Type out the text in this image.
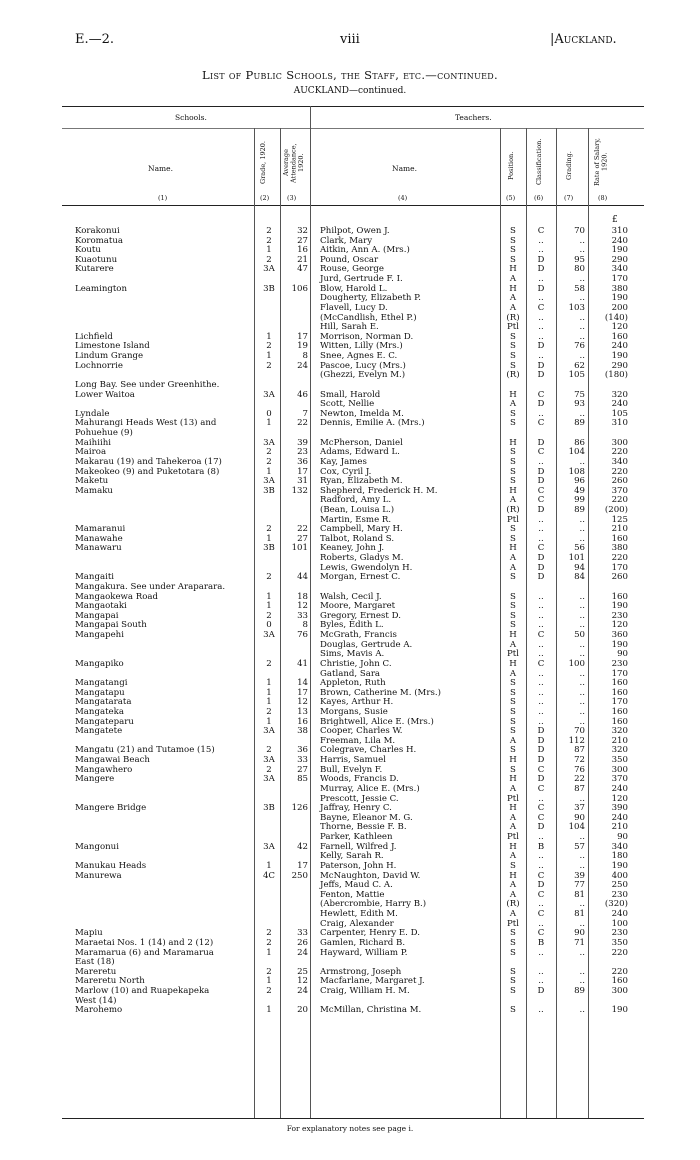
E.—2.	viii	|Auckland.
List of Public Schools, the Staff, etc.—continued.
AUCKLAND—continued.
Schools.	Teachers.
Name.	Grade, 1920. Average Attendance, 1920.	Name.	Position.	Classification.	Grading.	Rate of Salary, 1920.
(1)	(2)	(3)	(4)	(5)	(6)	(7)	(8)
£
Korakonui	2	32 Philpot, Owen J.	S	C	70	310
Koromatua	2	27 Clark, Mary	S	..	..	240
Koutu	1	16 Aitkin, Ann A. (Mrs.)	S	..	..	190
Kuaotunu	2	21 Pound, Oscar	S	D	95	290
Kutarere	3A	47 Rouse, George	H	D	80	340
Jurd, Gertrude F. I.	A	..	..	170
Leamington	3B	106 Blow, Harold L.	H	D	58	380
Dougherty, Elizabeth P.	A	..	..	190
Flavell, Lucy D.	A	C	103	200
(McCandlish, Ethel P.)	(R)	..	..	(140)
Hill, Sarah E.	Ptl	..	..	120
Lichfield	1	17 Morrison, Norman D.	S	..	..	160
Limestone Island	2	19 Witten, Lilly (Mrs.)	S	D	76	240
Lindum Grange	1	8 Snee, Agnes E. C.	S	..	..	190
Lochnorrie	2	24 Pascoe, Lucy (Mrs.)	S	D	62	290
(Ghezzi, Evelyn M.)	(R)	D	105	(180)
Long Bay. See under Greenhithe.
Lower Waitoa	3A	46 Small, Harold	H	C	75	320
Scott, Nellie	A	D	93	240
Lyndale	0	7 Newton, Imelda M.	S	..	..	105
Mahurangi Heads West (13) and	1	22 Dennis, Emilie A. (Mrs.)	S	C	89	310
Pohuehue (9)
Maihiihi	3A	39 McPherson, Daniel	H	D	86	300
Mairoa	2	23 Adams, Edward L.	S	C	104	220
Makarau (19) and Tahekeroa (17)	2	36 Kay, James	S	..	..	340
Makeokeo (9) and Puketotara (8)	1	17 Cox, Cyril J.	S	D	108	220
Maketu	3A	31 Ryan, Elizabeth M.	S	D	96	260
Mamaku	3B	132 Shepherd, Frederick H. M.	H	C	49	370
Radford, Amy L.	A	C	99	220
(Bean, Louisa L.)	(R)	D	89	(200)
Martin, Esme R.	Ptl	..	..	125
Mamaranui	2	22 Campbell, Mary H.	S	..	..	210
Manawahe	1	27 Talbot, Roland S.	S	..	..	160
Manawaru	3B	101 Keaney, John J.	H	C	56	380
Roberts, Gladys M.	A	D	101	220
Lewis, Gwendolyn H.	A	D	94	170
Mangaiti	2	44 Morgan, Ernest C.	S	D	84	260
Mangakura. See under Araparara.
Mangaokewa Road	1	18 Walsh, Cecil J.	S	..	..	160
Mangaotaki	1	12 Moore, Margaret	S	..	..	190
Mangapai	2	33 Gregory, Ernest D.	S	..	..	230
Mangapai South	0	8 Byles, Edith L.	S	..	..	120
Mangapehi	3A	76 McGrath, Francis	H	C	50	360
Douglas, Gertrude A.	A	..	..	190
Sims, Mavis A.	Ptl	..	..	90
Mangapiko	2	41 Christie, John C.	H	C	100	230
Gatland, Sara	A	..	..	170
Mangatangi	1	14 Appleton, Ruth	S	..	..	160
Mangatapu	1	17 Brown, Catherine M. (Mrs.)	S	..	..	160
Mangatarata	1	12 Kayes, Arthur H.	S	..	..	170
Mangateka	2	13 Morgans, Susie	S	..	..	160
Mangateparu	1	16 Brightwell, Alice E. (Mrs.)	S	..	..	160
Mangatete	3A	38 Cooper, Charles W.	S	D	70	320
Freeman, Lila M.	A	D	112	210
Mangatu (21) and Tutamoe (15)	2	36 Colegrave, Charles H.	S	D	87	320
Mangawai Beach	3A	33 Harris, Samuel	H	D	72	350
Mangawhero	2	27 Bull, Evelyn F.	S	C	76	300
Mangere	3A	85 Woods, Francis D.	H	D	22	370
Murray, Alice E. (Mrs.)	A	C	87	240
Prescott, Jessie C.	Ptl	..	..	120
Mangere Bridge	3B	126 Jaffray, Henry C.	H	C	37	390
Bayne, Eleanor M. G.	A	C	90	240
Thorne, Bessie F. B.	A	D	104	210
Parker, Kathleen	Ptl	..	..	90
Mangonui	3A	42 Farnell, Wilfred J.	H	B	57	340
Kelly, Sarah R.	A	..	..	180
Manukau Heads	1	17 Paterson, John H.	S	..	..	190
Manurewa	4C	250 McNaughton, David W.	H	C	39	400
Jeffs, Maud C. A.	A	D	77	250
Fenton, Mattie	A	C	81	230
(Abercrombie, Harry B.)	(R)	..	..	(320)
Hewlett, Edith M.	A	C	81	240
Craig, Alexander	Ptl	..	..	100
Mapiu	2	33 Carpenter, Henry E. D.	S	C	90	230
Maraetai Nos. 1 (14) and 2 (12)	2	26 Gamlen, Richard B.	S	B	71	350
Maramarua (6) and Maramarua	1	24 Hayward, William P.	S	..	..	220
East (18)
Mareretu	2	25 Armstrong, Joseph	S	..	..	220
Mareretu North	1	12 Macfarlane, Margaret J.	S	..	..	160
Marlow (10) and Ruapekapeka	2	24 Craig, William H. M.	S	D	89	300
West (14)
Marohemo	1	20 McMillan, Christina M.	S	..	..	190
For explanatory notes see page i.
